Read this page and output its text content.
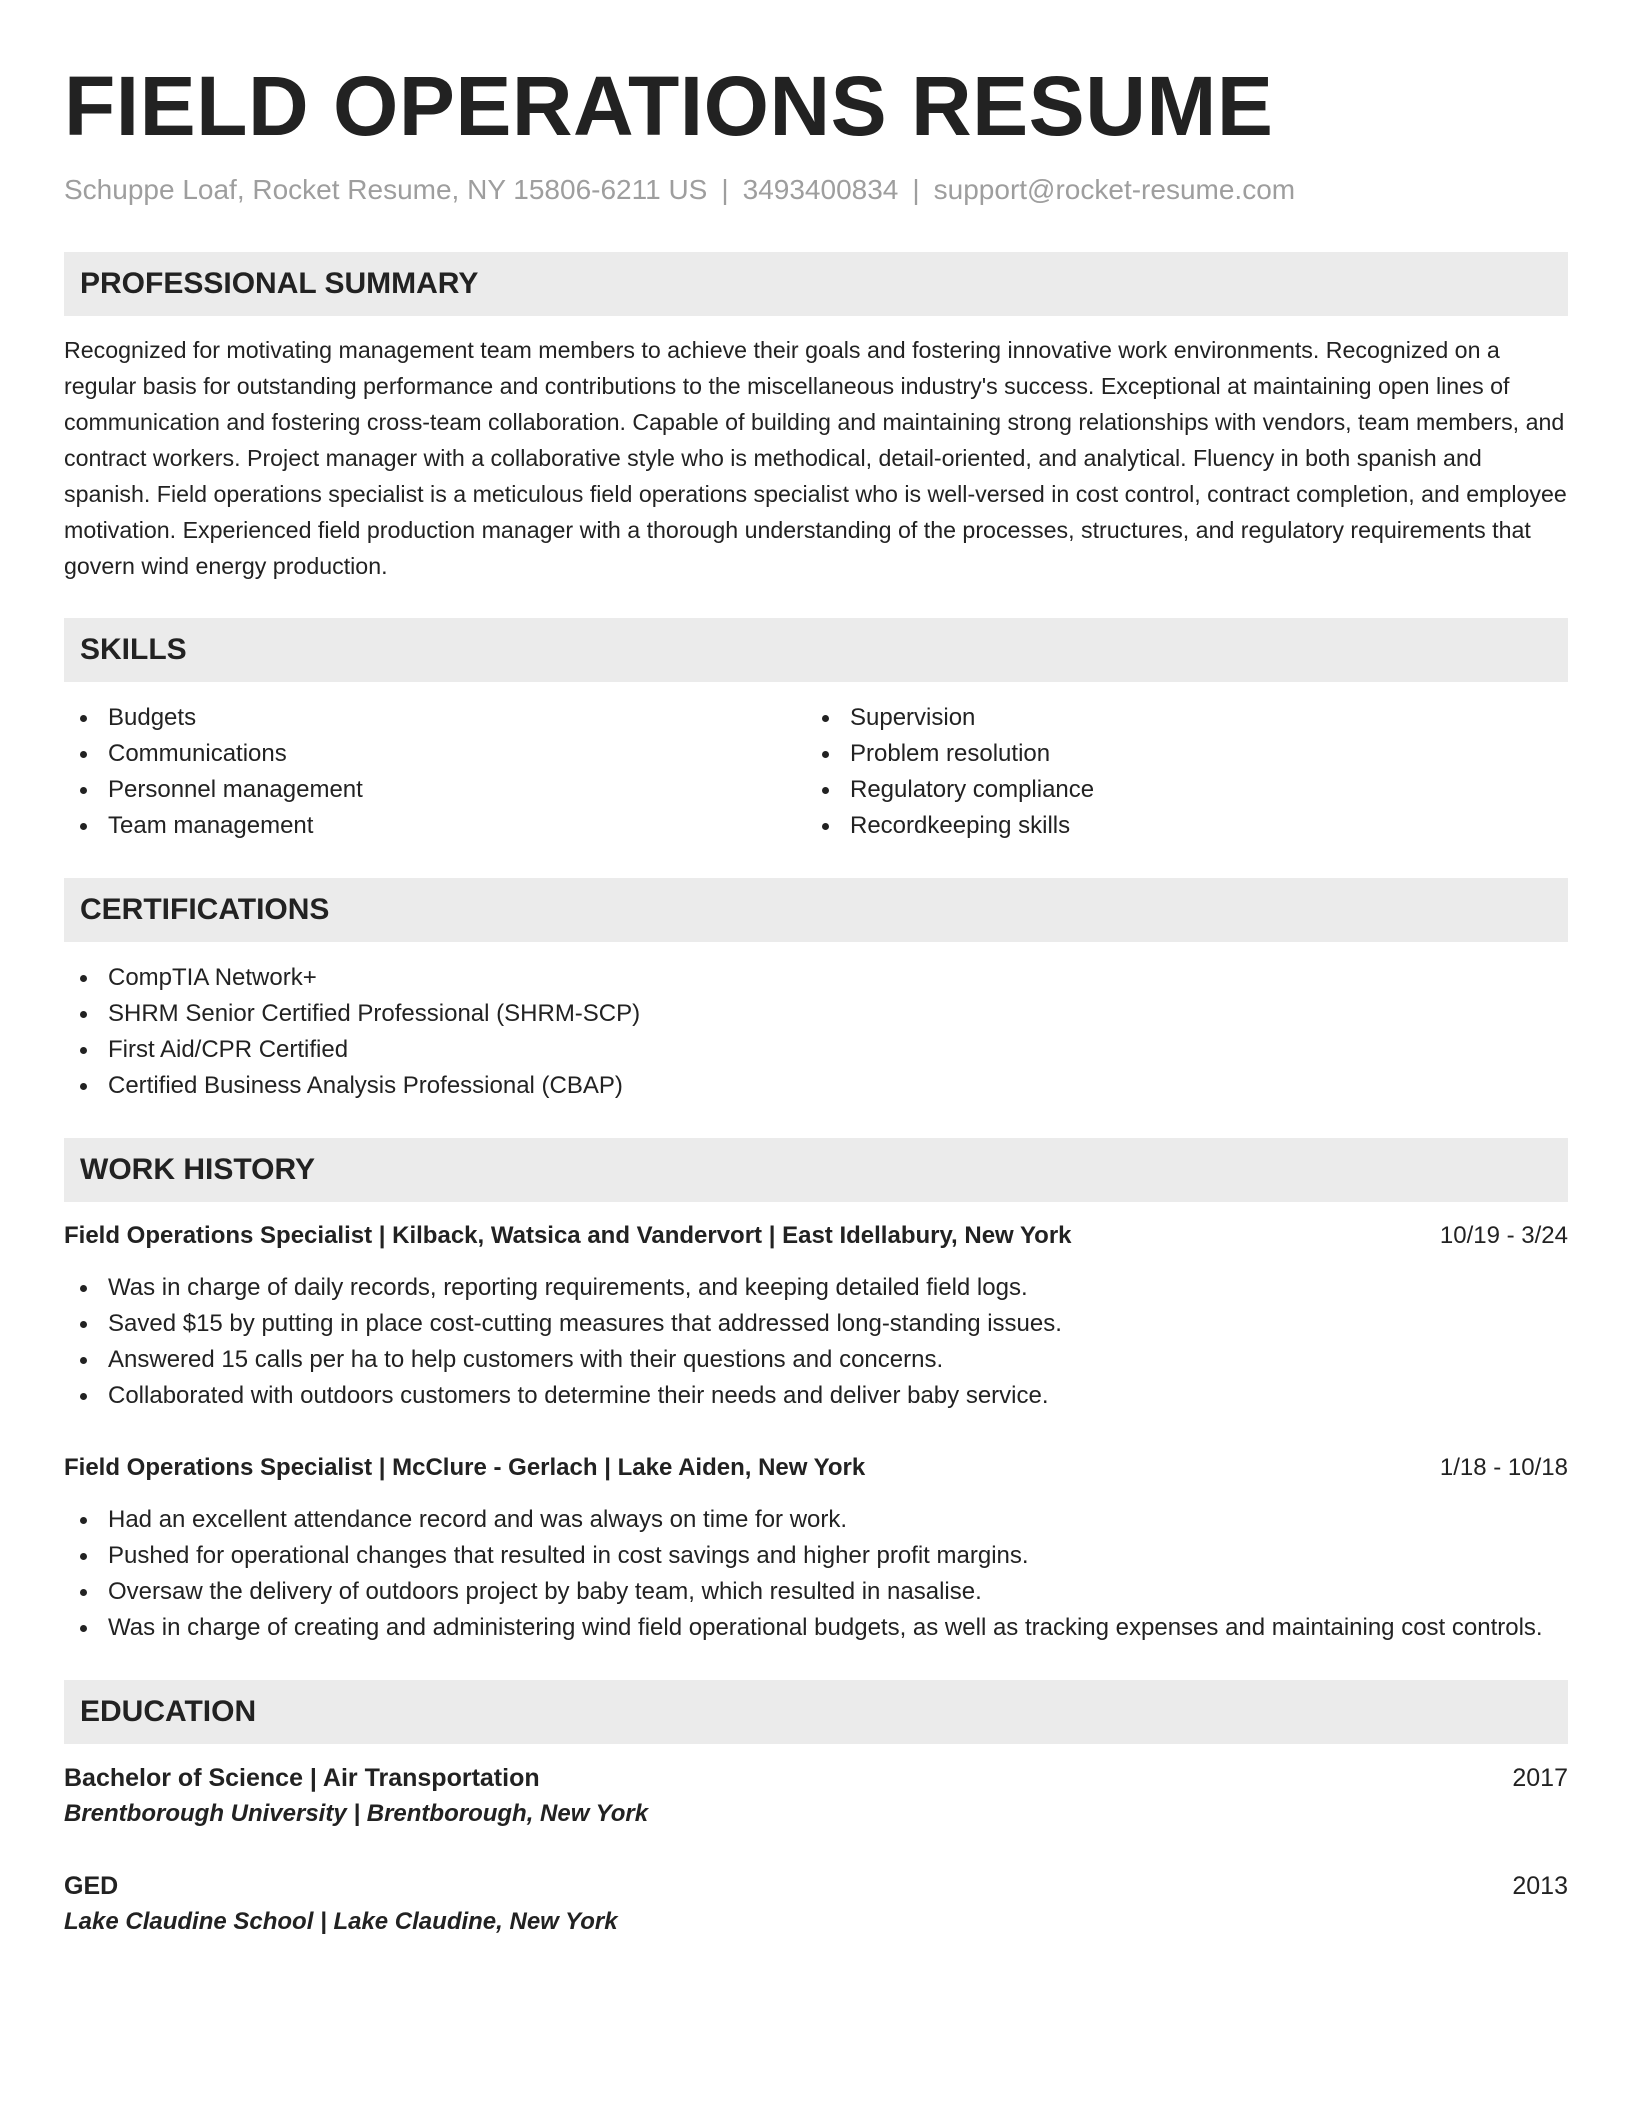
FIELD OPERATIONS RESUME
Schuppe Loaf, Rocket Resume, NY 15806-6211 US | 3493400834 | support@rocket-resume.com
PROFESSIONAL SUMMARY
Recognized for motivating management team members to achieve their goals and fostering innovative work environments. Recognized on a regular basis for outstanding performance and contributions to the miscellaneous industry's success. Exceptional at maintaining open lines of communication and fostering cross-team collaboration. Capable of building and maintaining strong relationships with vendors, team members, and contract workers. Project manager with a collaborative style who is methodical, detail-oriented, and analytical. Fluency in both spanish and spanish. Field operations specialist is a meticulous field operations specialist who is well-versed in cost control, contract completion, and employee motivation. Experienced field production manager with a thorough understanding of the processes, structures, and regulatory requirements that govern wind energy production.
SKILLS
Budgets
Communications
Personnel management
Team management
Supervision
Problem resolution
Regulatory compliance
Recordkeeping skills
CERTIFICATIONS
CompTIA Network+
SHRM Senior Certified Professional (SHRM-SCP)
First Aid/CPR Certified
Certified Business Analysis Professional (CBAP)
WORK HISTORY
Field Operations Specialist | Kilback, Watsica and Vandervort | East Idellabury, New York	10/19 - 3/24
Was in charge of daily records, reporting requirements, and keeping detailed field logs.
Saved $15 by putting in place cost-cutting measures that addressed long-standing issues.
Answered 15 calls per ha to help customers with their questions and concerns.
Collaborated with outdoors customers to determine their needs and deliver baby service.
Field Operations Specialist | McClure - Gerlach | Lake Aiden, New York	1/18 - 10/18
Had an excellent attendance record and was always on time for work.
Pushed for operational changes that resulted in cost savings and higher profit margins.
Oversaw the delivery of outdoors project by baby team, which resulted in nasalise.
Was in charge of creating and administering wind field operational budgets, as well as tracking expenses and maintaining cost controls.
EDUCATION
Bachelor of Science | Air Transportation	2017
Brentborough University | Brentborough, New York
GED	2013
Lake Claudine School | Lake Claudine, New York
